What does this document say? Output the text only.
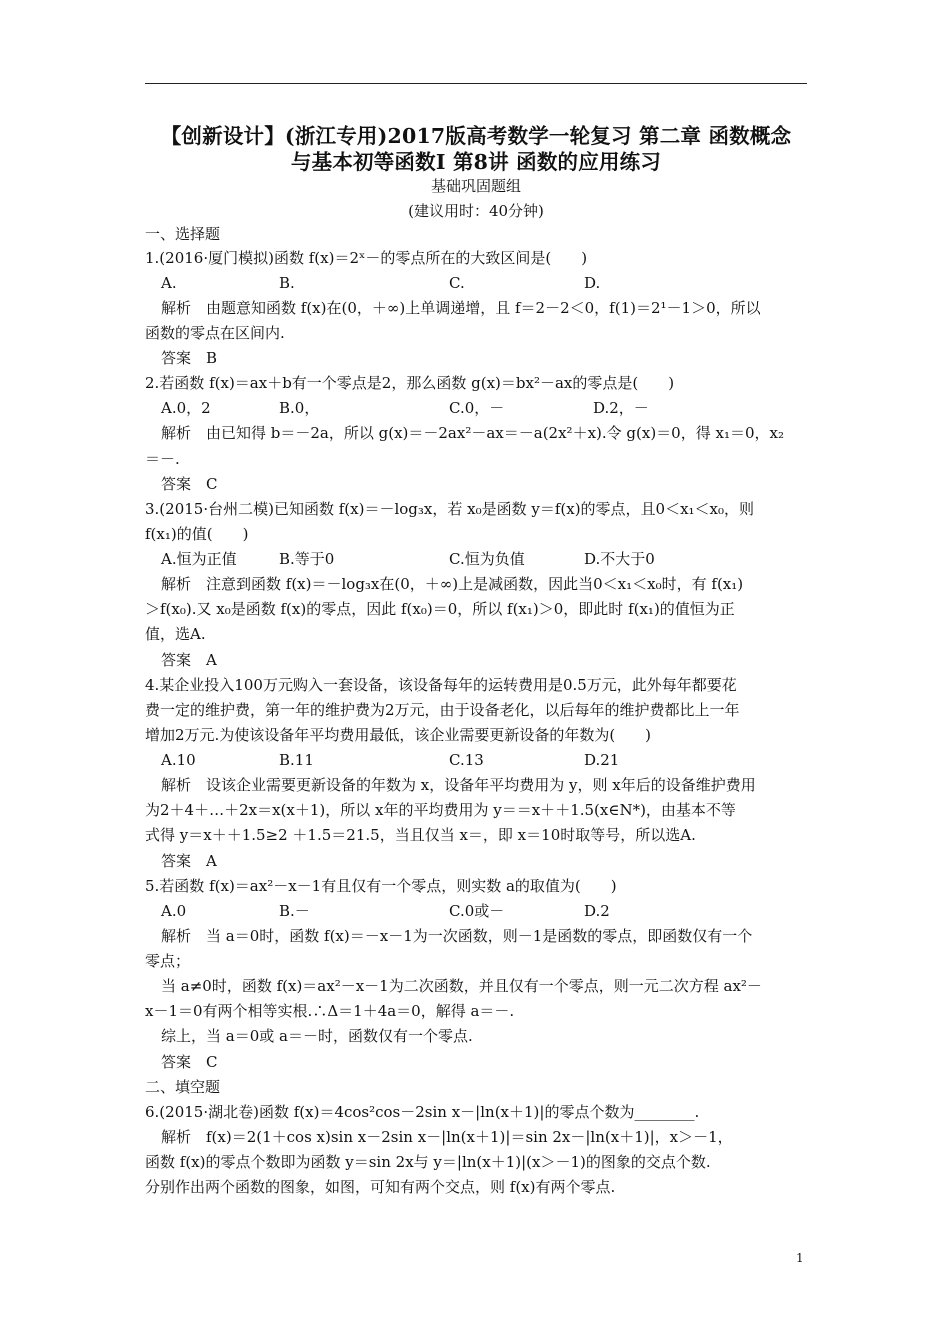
【创新设计】(浙江专用)2017版高考数学一轮复习 第二章 函数概念
与基本初等函数Ⅰ 第8讲 函数的应用练习
基础巩固题组
(建议用时：40分钟)
一、选择题
1.(2016·厦门模拟)函数 f(x)＝2ˣ－的零点所在的大致区间是(　　)
A.	B.	C.	D.
解析　由题意知函数 f(x)在(0，＋∞)上单调递增，且 f＝2－2＜0，f(1)＝2¹－1＞0，所以
函数的零点在区间内.
答案　B
2.若函数 f(x)＝ax＋b有一个零点是2，那么函数 g(x)＝bx²－ax的零点是(　　)
A.0，2	B.0，	C.0，－	D.2，－
解析　由已知得 b＝－2a，所以 g(x)＝－2ax²－ax＝－a(2x²＋x).令 g(x)＝0，得 x₁＝0，x₂
＝－.
答案　C
3.(2015·台州二模)已知函数 f(x)＝－log₃x，若 x₀是函数 y＝f(x)的零点，且0＜x₁＜x₀，则
f(x₁)的值(　　)
A.恒为正值	B.等于0	C.恒为负值	D.不大于0
解析　注意到函数 f(x)＝－log₃x在(0，＋∞)上是减函数，因此当0＜x₁＜x₀时，有 f(x₁)
＞f(x₀).又 x₀是函数 f(x)的零点，因此 f(x₀)＝0，所以 f(x₁)＞0，即此时 f(x₁)的值恒为正
值，选A.
答案　A
4.某企业投入100万元购入一套设备，该设备每年的运转费用是0.5万元，此外每年都要花
费一定的维护费，第一年的维护费为2万元，由于设备老化，以后每年的维护费都比上一年
增加2万元.为使该设备年平均费用最低，该企业需要更新设备的年数为(　　)
A.10	B.11	C.13	D.21
解析　设该企业需要更新设备的年数为 x，设备年平均费用为 y，则 x年后的设备维护费用
为2＋4＋…＋2x＝x(x＋1)，所以 x年的平均费用为 y＝＝x＋＋1.5(x∈N*)，由基本不等
式得 y＝x＋＋1.5≥2 ＋1.5＝21.5，当且仅当 x＝，即 x＝10时取等号，所以选A.
答案　A
5.若函数 f(x)＝ax²－x－1有且仅有一个零点，则实数 a的取值为(　　)
A.0	B.－	C.0或－	D.2
解析　当 a＝0时，函数 f(x)＝－x－1为一次函数，则－1是函数的零点，即函数仅有一个
零点；
当 a≠0时，函数 f(x)＝ax²－x－1为二次函数，并且仅有一个零点，则一元二次方程 ax²－
x－1＝0有两个相等实根.∴Δ＝1＋4a＝0，解得 a＝－.
综上，当 a＝0或 a＝－时，函数仅有一个零点.
答案　C
二、填空题
6.(2015·湖北卷)函数 f(x)＝4cos²cos－2sin x－|ln(x＋1)|的零点个数为________.
解析　f(x)＝2(1＋cos x)sin x－2sin x－|ln(x＋1)|＝sin 2x－|ln(x＋1)|，x＞－1，
函数 f(x)的零点个数即为函数 y＝sin 2x与 y＝|ln(x＋1)|(x＞－1)的图象的交点个数.
分别作出两个函数的图象，如图，可知有两个交点，则 f(x)有两个零点.
1
